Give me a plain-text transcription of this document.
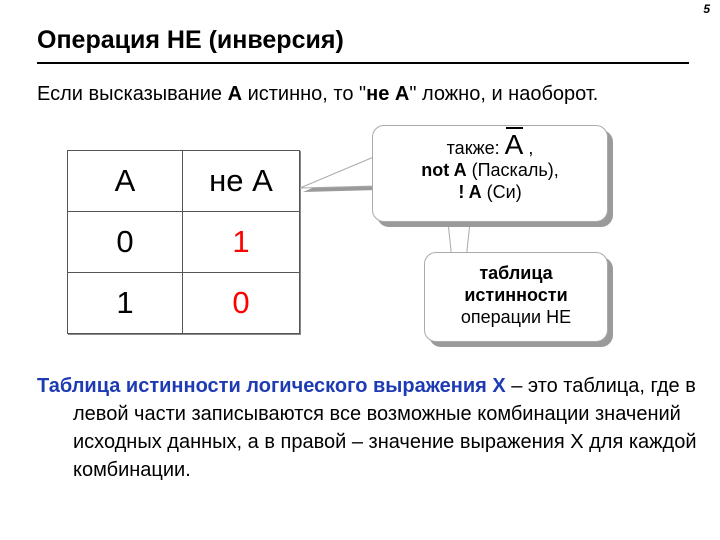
5
Операция НЕ (инверсия)
Если высказывание A истинно, то "не A" ложно, и наоборот.
A	не A
0	1
1	0
также: A ,
not A (Паскаль),
! A (Си)
таблица
истинности
операции НЕ
Таблица истинности логического выражения X – это таблица, где в левой части записываются все возможные комбинации значений исходных данных, а в правой – значение выражения X для каждой комбинации.
